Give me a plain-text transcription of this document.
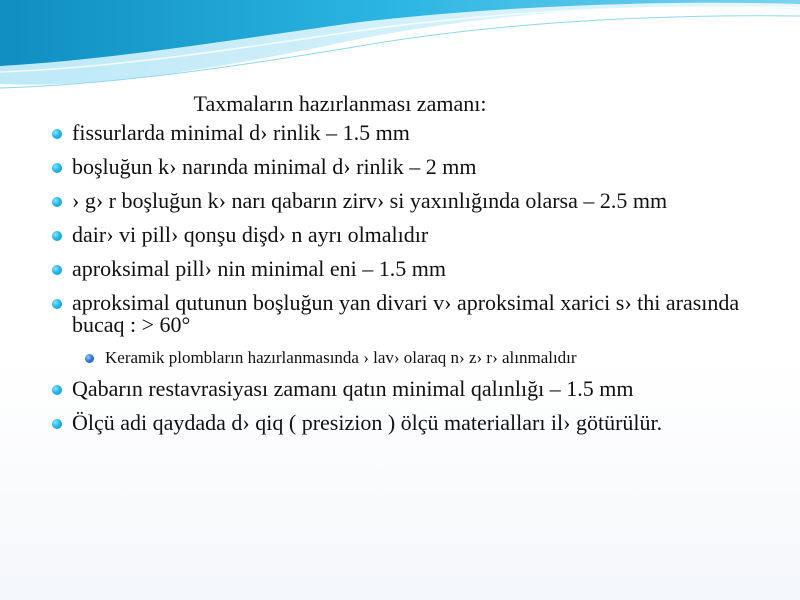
Taxmaların hazırlanması zamanı:
fissurlarda minimal d› rinlik – 1.5 mm
boşluğun k› narında minimal d› rinlik – 2 mm
› g› r boşluğun k› narı qabarın zirv› si yaxınlığında olarsa – 2.5 mm
dair› vi pill› qonşu dişd› n ayrı olmalıdır
aproksimal pill› nin minimal eni – 1.5 mm
aproksimal qutunun boşluğun yan divari v› aproksimal xarici s› thi arasında bucaq : > 60°
Keramik plombların hazırlanmasında › lav› olaraq n› z› r› alınmalıdır
Qabarın restavrasiyası zamanı qatın minimal qalınlığı – 1.5 mm
Ölçü adi qaydada d› qiq ( presizion ) ölçü materialları il› götürülür.
